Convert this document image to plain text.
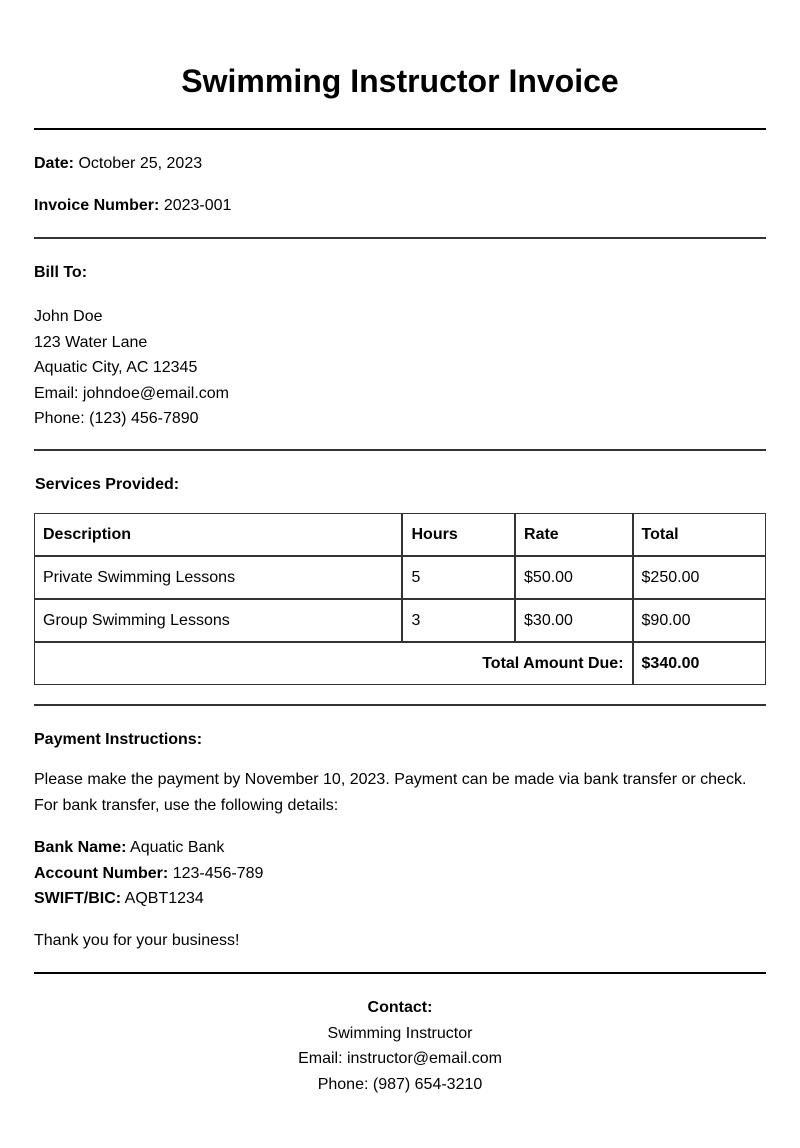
Swimming Instructor Invoice
Date: October 25, 2023
Invoice Number: 2023-001
Bill To:
John Doe
123 Water Lane
Aquatic City, AC 12345
Email: johndoe@email.com
Phone: (123) 456-7890
Services Provided:
Description	Hours	Rate	Total
Private Swimming Lessons	5	$50.00	$250.00
Group Swimming Lessons	3	$30.00	$90.00
Total Amount Due:			$340.00
Payment Instructions:
Please make the payment by November 10, 2023. Payment can be made via bank transfer or check. For bank transfer, use the following details:
Bank Name: Aquatic Bank
Account Number: 123-456-789
SWIFT/BIC: AQBT1234
Thank you for your business!
Contact:
Swimming Instructor
Email: instructor@email.com
Phone: (987) 654-3210
